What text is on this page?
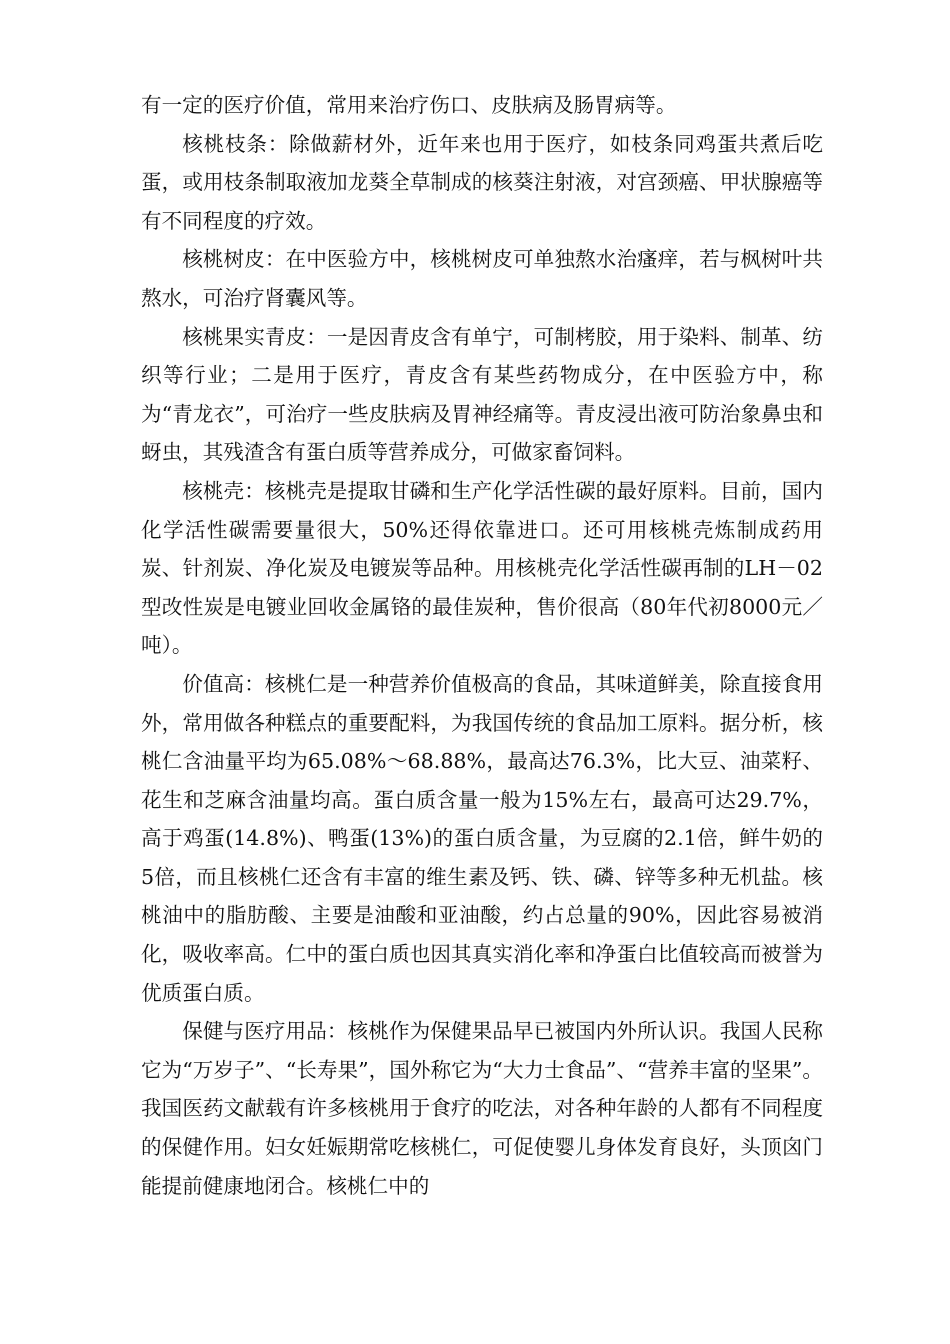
有一定的医疗价值，常用来治疗伤口、皮肤病及肠胃病等。

核桃枝条：除做薪材外，近年来也用于医疗，如枝条同鸡蛋共煮后吃蛋，或用枝条制取液加龙葵全草制成的核葵注射液，对宫颈癌、甲状腺癌等有不同程度的疗效。

核桃树皮：在中医验方中，核桃树皮可单独熬水治瘙痒，若与枫树叶共熬水，可治疗肾囊风等。

核桃果实青皮：一是因青皮含有单宁，可制栲胶，用于染料、制革、纺织等行业；二是用于医疗，青皮含有某些药物成分，在中医验方中，称为“青龙衣”，可治疗一些皮肤病及胃神经痛等。青皮浸出液可防治象鼻虫和蚜虫，其残渣含有蛋白质等营养成分，可做家畜饲料。

核桃壳：核桃壳是提取甘磷和生产化学活性碳的最好原料。目前，国内化学活性碳需要量很大，50%还得依靠进口。还可用核桃壳炼制成药用炭、针剂炭、净化炭及电镀炭等品种。用核桃壳化学活性碳再制的LH－02型改性炭是电镀业回收金属铬的最佳炭种，售价很高（80年代初8000元／吨）。

价值高：核桃仁是一种营养价值极高的食品，其味道鲜美，除直接食用外，常用做各种糕点的重要配料，为我国传统的食品加工原料。据分析，核桃仁含油量平均为65.08%～68.88%，最高达76.3%，比大豆、油菜籽、花生和芝麻含油量均高。蛋白质含量一般为15%左右，最高可达29.7%，高于鸡蛋(14.8%)、鸭蛋(13%)的蛋白质含量，为豆腐的2.1倍，鲜牛奶的5倍，而且核桃仁还含有丰富的维生素及钙、铁、磷、锌等多种无机盐。核桃油中的脂肪酸、主要是油酸和亚油酸，约占总量的90%，因此容易被消化，吸收率高。仁中的蛋白质也因其真实消化率和净蛋白比值较高而被誉为优质蛋白质。

保健与医疗用品：核桃作为保健果品早已被国内外所认识。我国人民称它为“万岁子”、“长寿果”，国外称它为“大力士食品”、“营养丰富的坚果”。我国医药文献载有许多核桃用于食疗的吃法，对各种年龄的人都有不同程度的保健作用。妇女妊娠期常吃核桃仁，可促使婴儿身体发育良好，头顶囟门能提前健康地闭合。核桃仁中的
